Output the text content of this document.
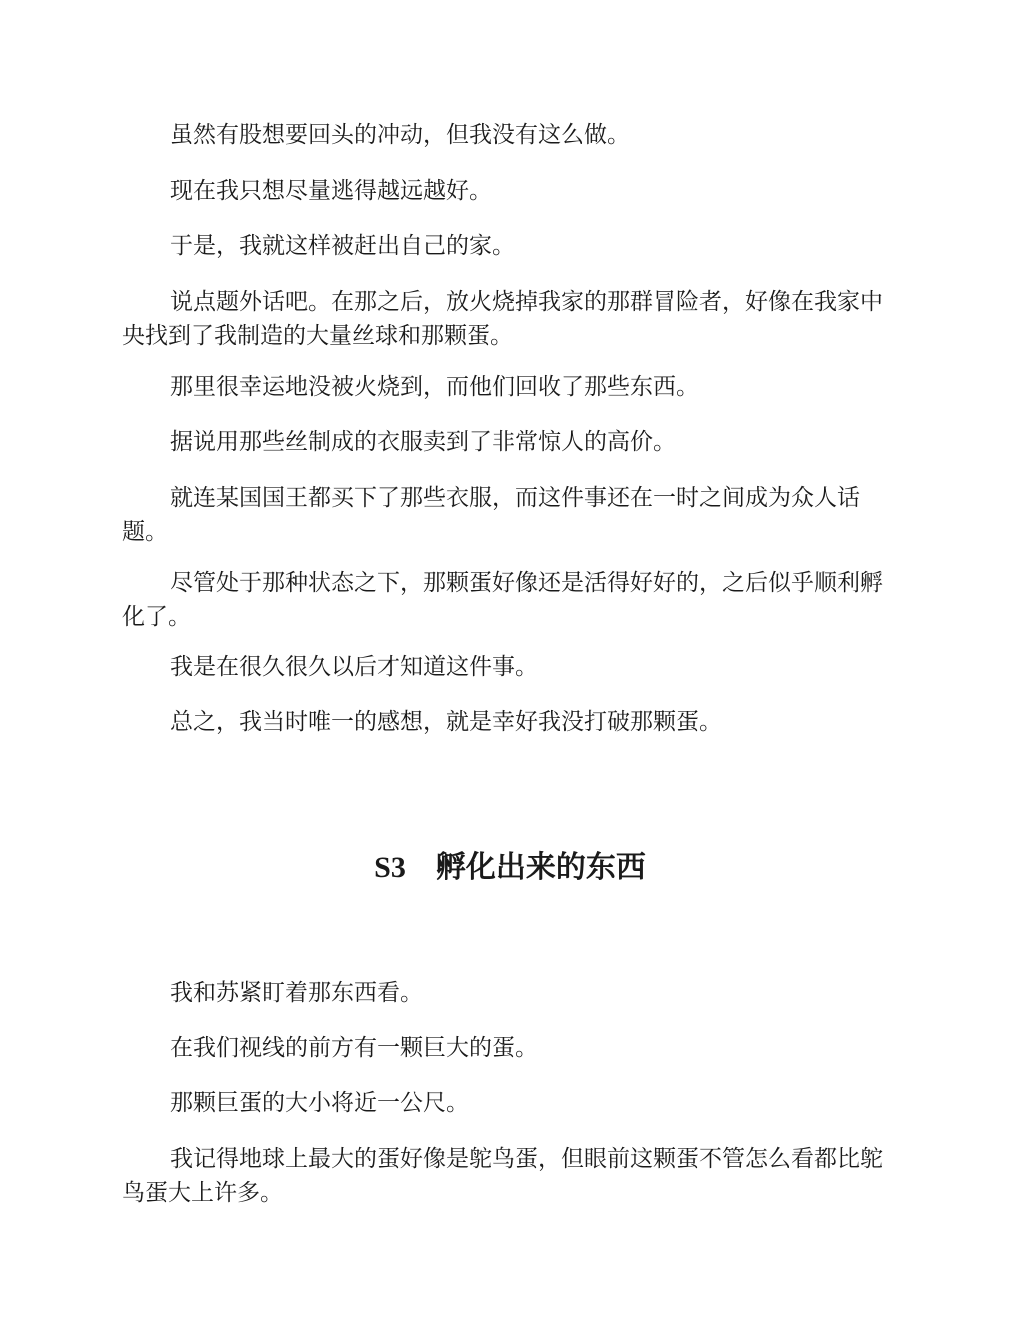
虽然有股想要回头的冲动，但我没有这么做。

现在我只想尽量逃得越远越好。

于是，我就这样被赶出自己的家。

说点题外话吧。在那之后，放火烧掉我家的那群冒险者，好像在我家中央找到了我制造的大量丝球和那颗蛋。

那里很幸运地没被火烧到，而他们回收了那些东西。

据说用那些丝制成的衣服卖到了非常惊人的高价。

就连某国国王都买下了那些衣服，而这件事还在一时之间成为众人话题。

尽管处于那种状态之下，那颗蛋好像还是活得好好的，之后似乎顺利孵化了。

我是在很久很久以后才知道这件事。

总之，我当时唯一的感想，就是幸好我没打破那颗蛋。

S3 孵化出来的东西

我和苏紧盯着那东西看。

在我们视线的前方有一颗巨大的蛋。

那颗巨蛋的大小将近一公尺。

我记得地球上最大的蛋好像是鸵鸟蛋，但眼前这颗蛋不管怎么看都比鸵鸟蛋大上许多。
